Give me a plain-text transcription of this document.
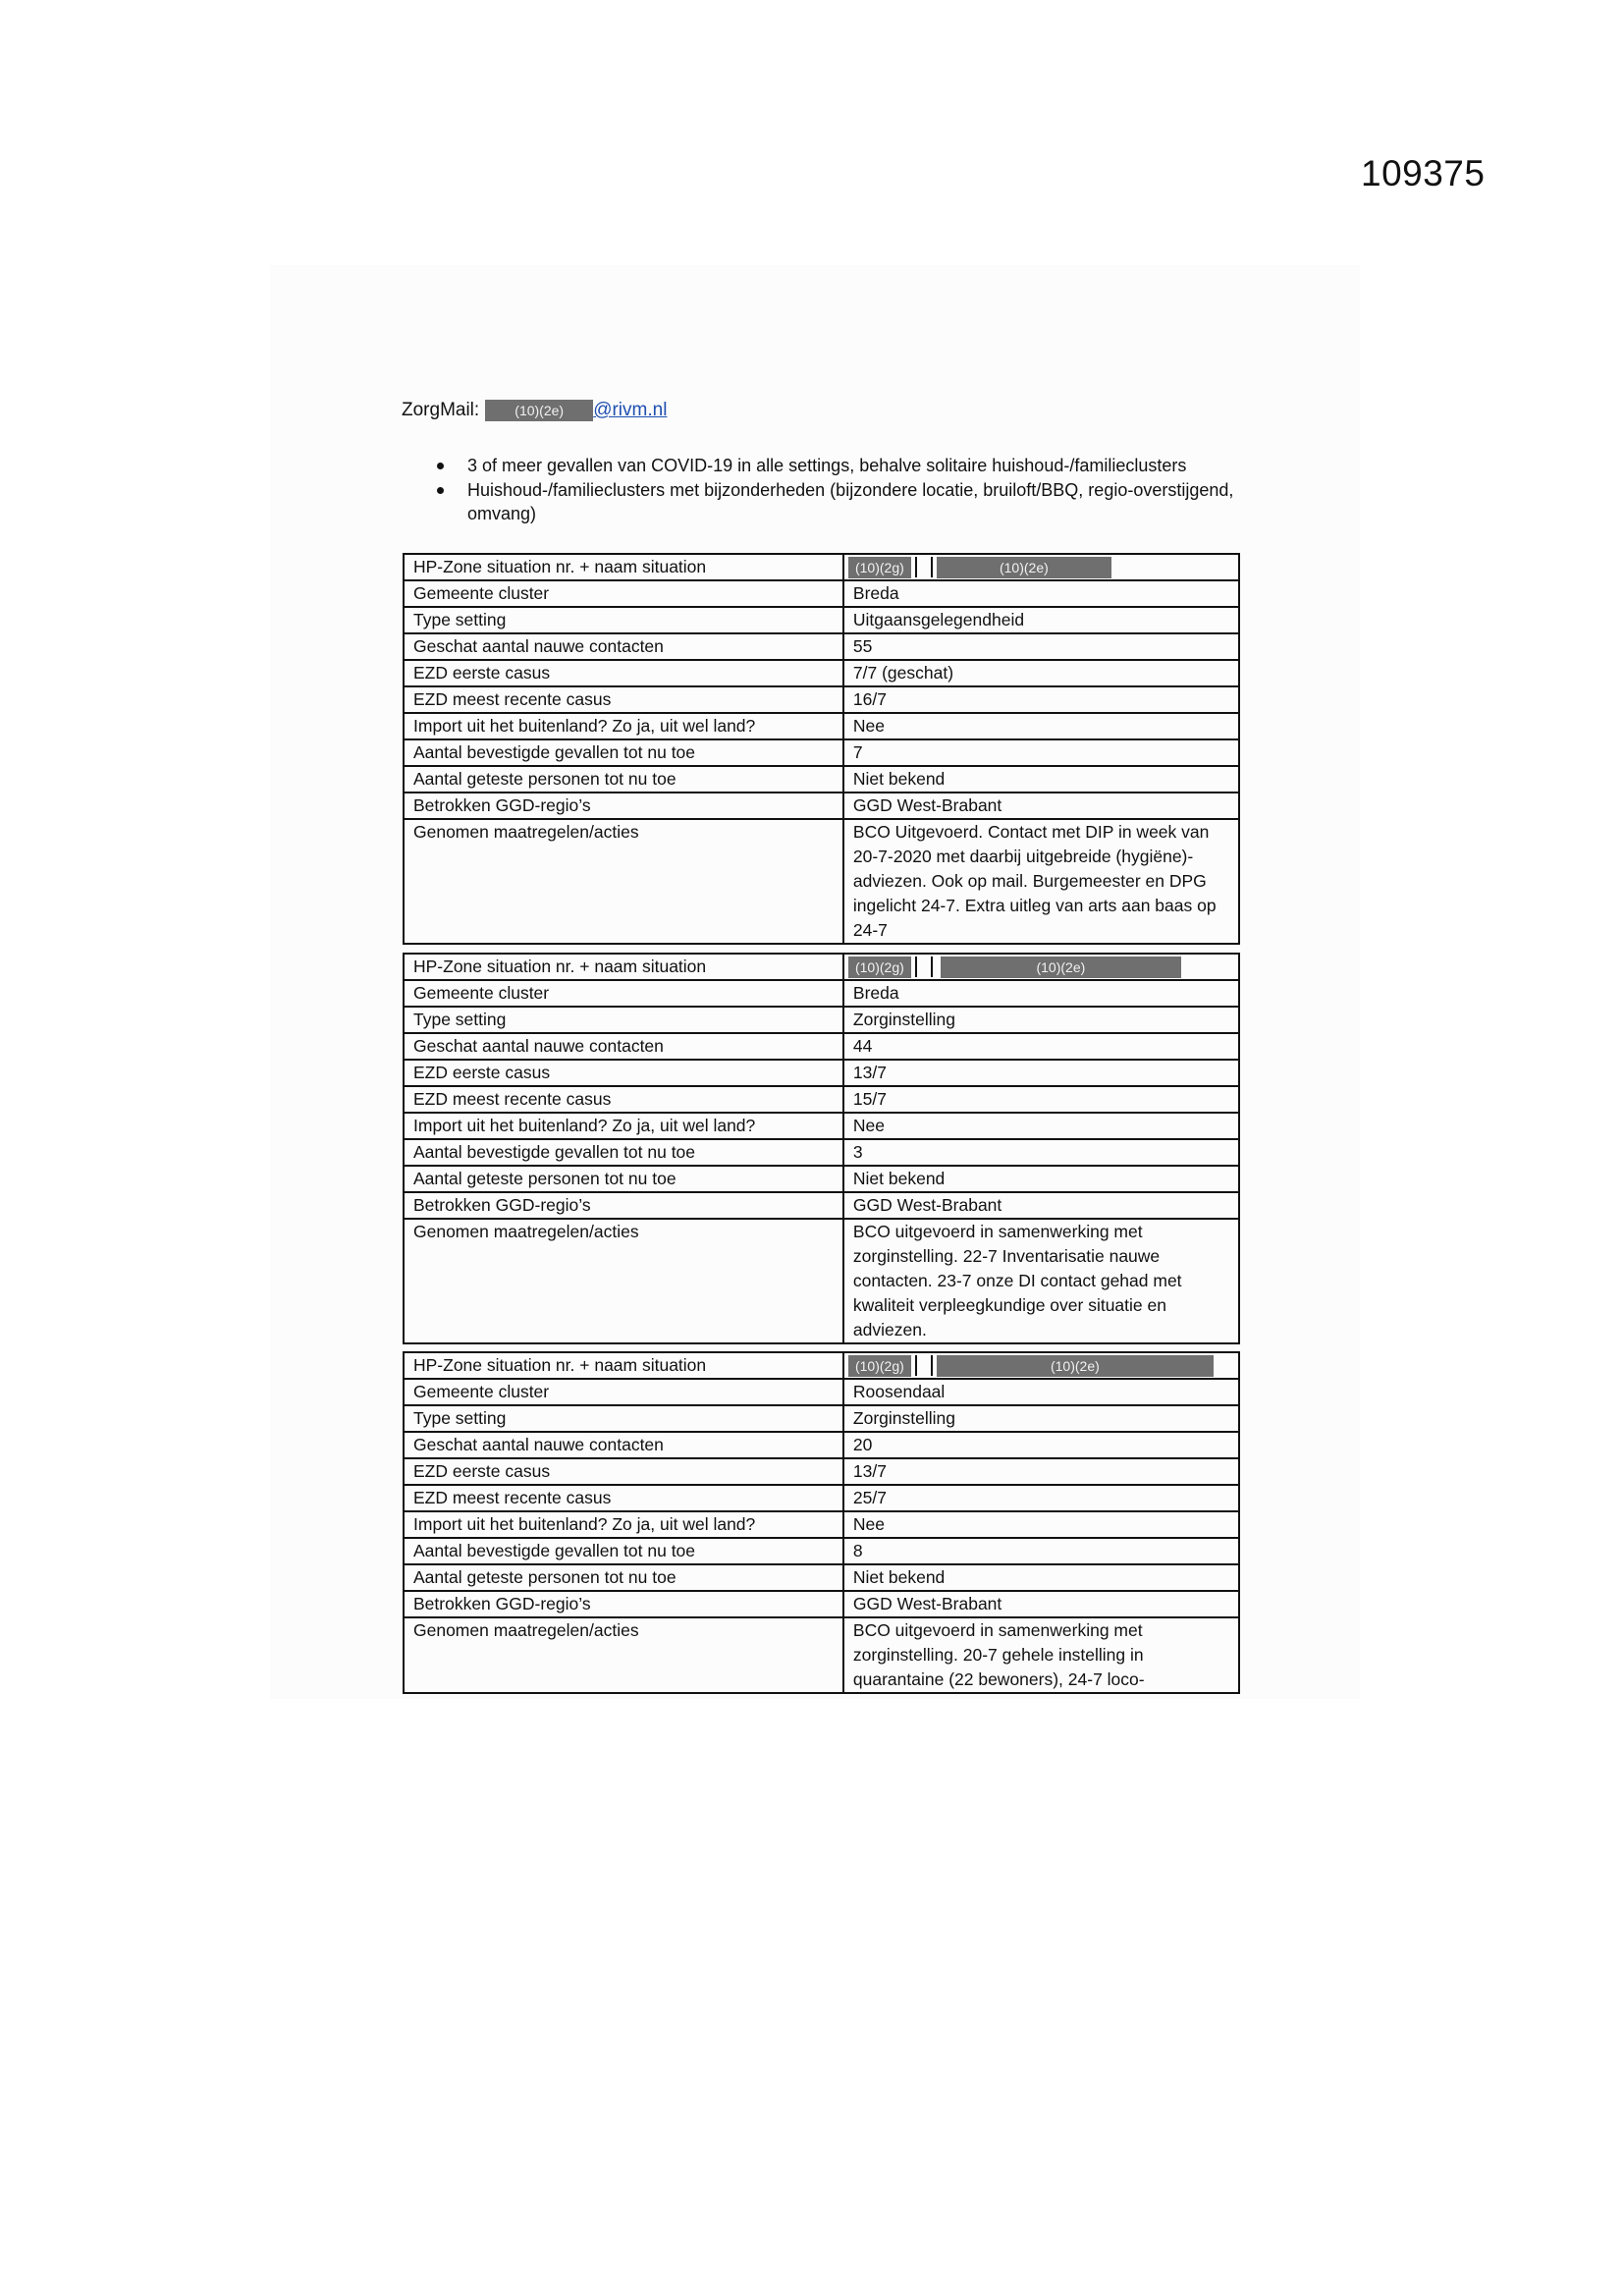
109375
ZorgMail:	(10)(2e)	@rivm.nl
3 of meer gevallen van COVID-19 in alle settings, behalve solitaire huishoud-/familieclusters
Huishoud-/familieclusters met bijzonderheden (bijzondere locatie, bruiloft/BBQ, regio-overstijgend, omvang)
HP-Zone situation nr. + naam situation	(10)(2g) (10)(2e)

Gemeente cluster	Breda
Type setting	Uitgaansgelegendheid
Geschat aantal nauwe contacten	55
EZD eerste casus	7/7 (geschat)
EZD meest recente casus	16/7
Import uit het buitenland? Zo ja, uit wel land?	Nee
Aantal bevestigde gevallen tot nu toe	7
Aantal geteste personen tot nu toe	Niet bekend
Betrokken GGD-regio’s	GGD West-Brabant
Genomen maatregelen/acties	BCO Uitgevoerd. Contact met DIP in week van 20-7-2020 met daarbij uitgebreide (hygiëne)-adviezen. Ook op mail. Burgemeester en DPG ingelicht 24-7. Extra uitleg van arts aan baas op 24-7
HP-Zone situation nr. + naam situation	(10)(2g) (10)(2e)

Gemeente cluster	Breda
Type setting	Zorginstelling
Geschat aantal nauwe contacten	44
EZD eerste casus	13/7
EZD meest recente casus	15/7
Import uit het buitenland? Zo ja, uit wel land?	Nee
Aantal bevestigde gevallen tot nu toe	3
Aantal geteste personen tot nu toe	Niet bekend
Betrokken GGD-regio’s	GGD West-Brabant
Genomen maatregelen/acties	BCO uitgevoerd in samenwerking met zorginstelling. 22-7 Inventarisatie nauwe contacten. 23-7 onze DI contact gehad met kwaliteit verpleegkundige over situatie en adviezen.
HP-Zone situation nr. + naam situation	(10)(2g) (10)(2e)

Gemeente cluster	Roosendaal
Type setting	Zorginstelling
Geschat aantal nauwe contacten	20
EZD eerste casus	13/7
EZD meest recente casus	25/7
Import uit het buitenland? Zo ja, uit wel land?	Nee
Aantal bevestigde gevallen tot nu toe	8
Aantal geteste personen tot nu toe	Niet bekend
Betrokken GGD-regio’s	GGD West-Brabant
Genomen maatregelen/acties	BCO uitgevoerd in samenwerking met zorginstelling. 20-7 gehele instelling in quarantaine (22 bewoners), 24-7 loco-
